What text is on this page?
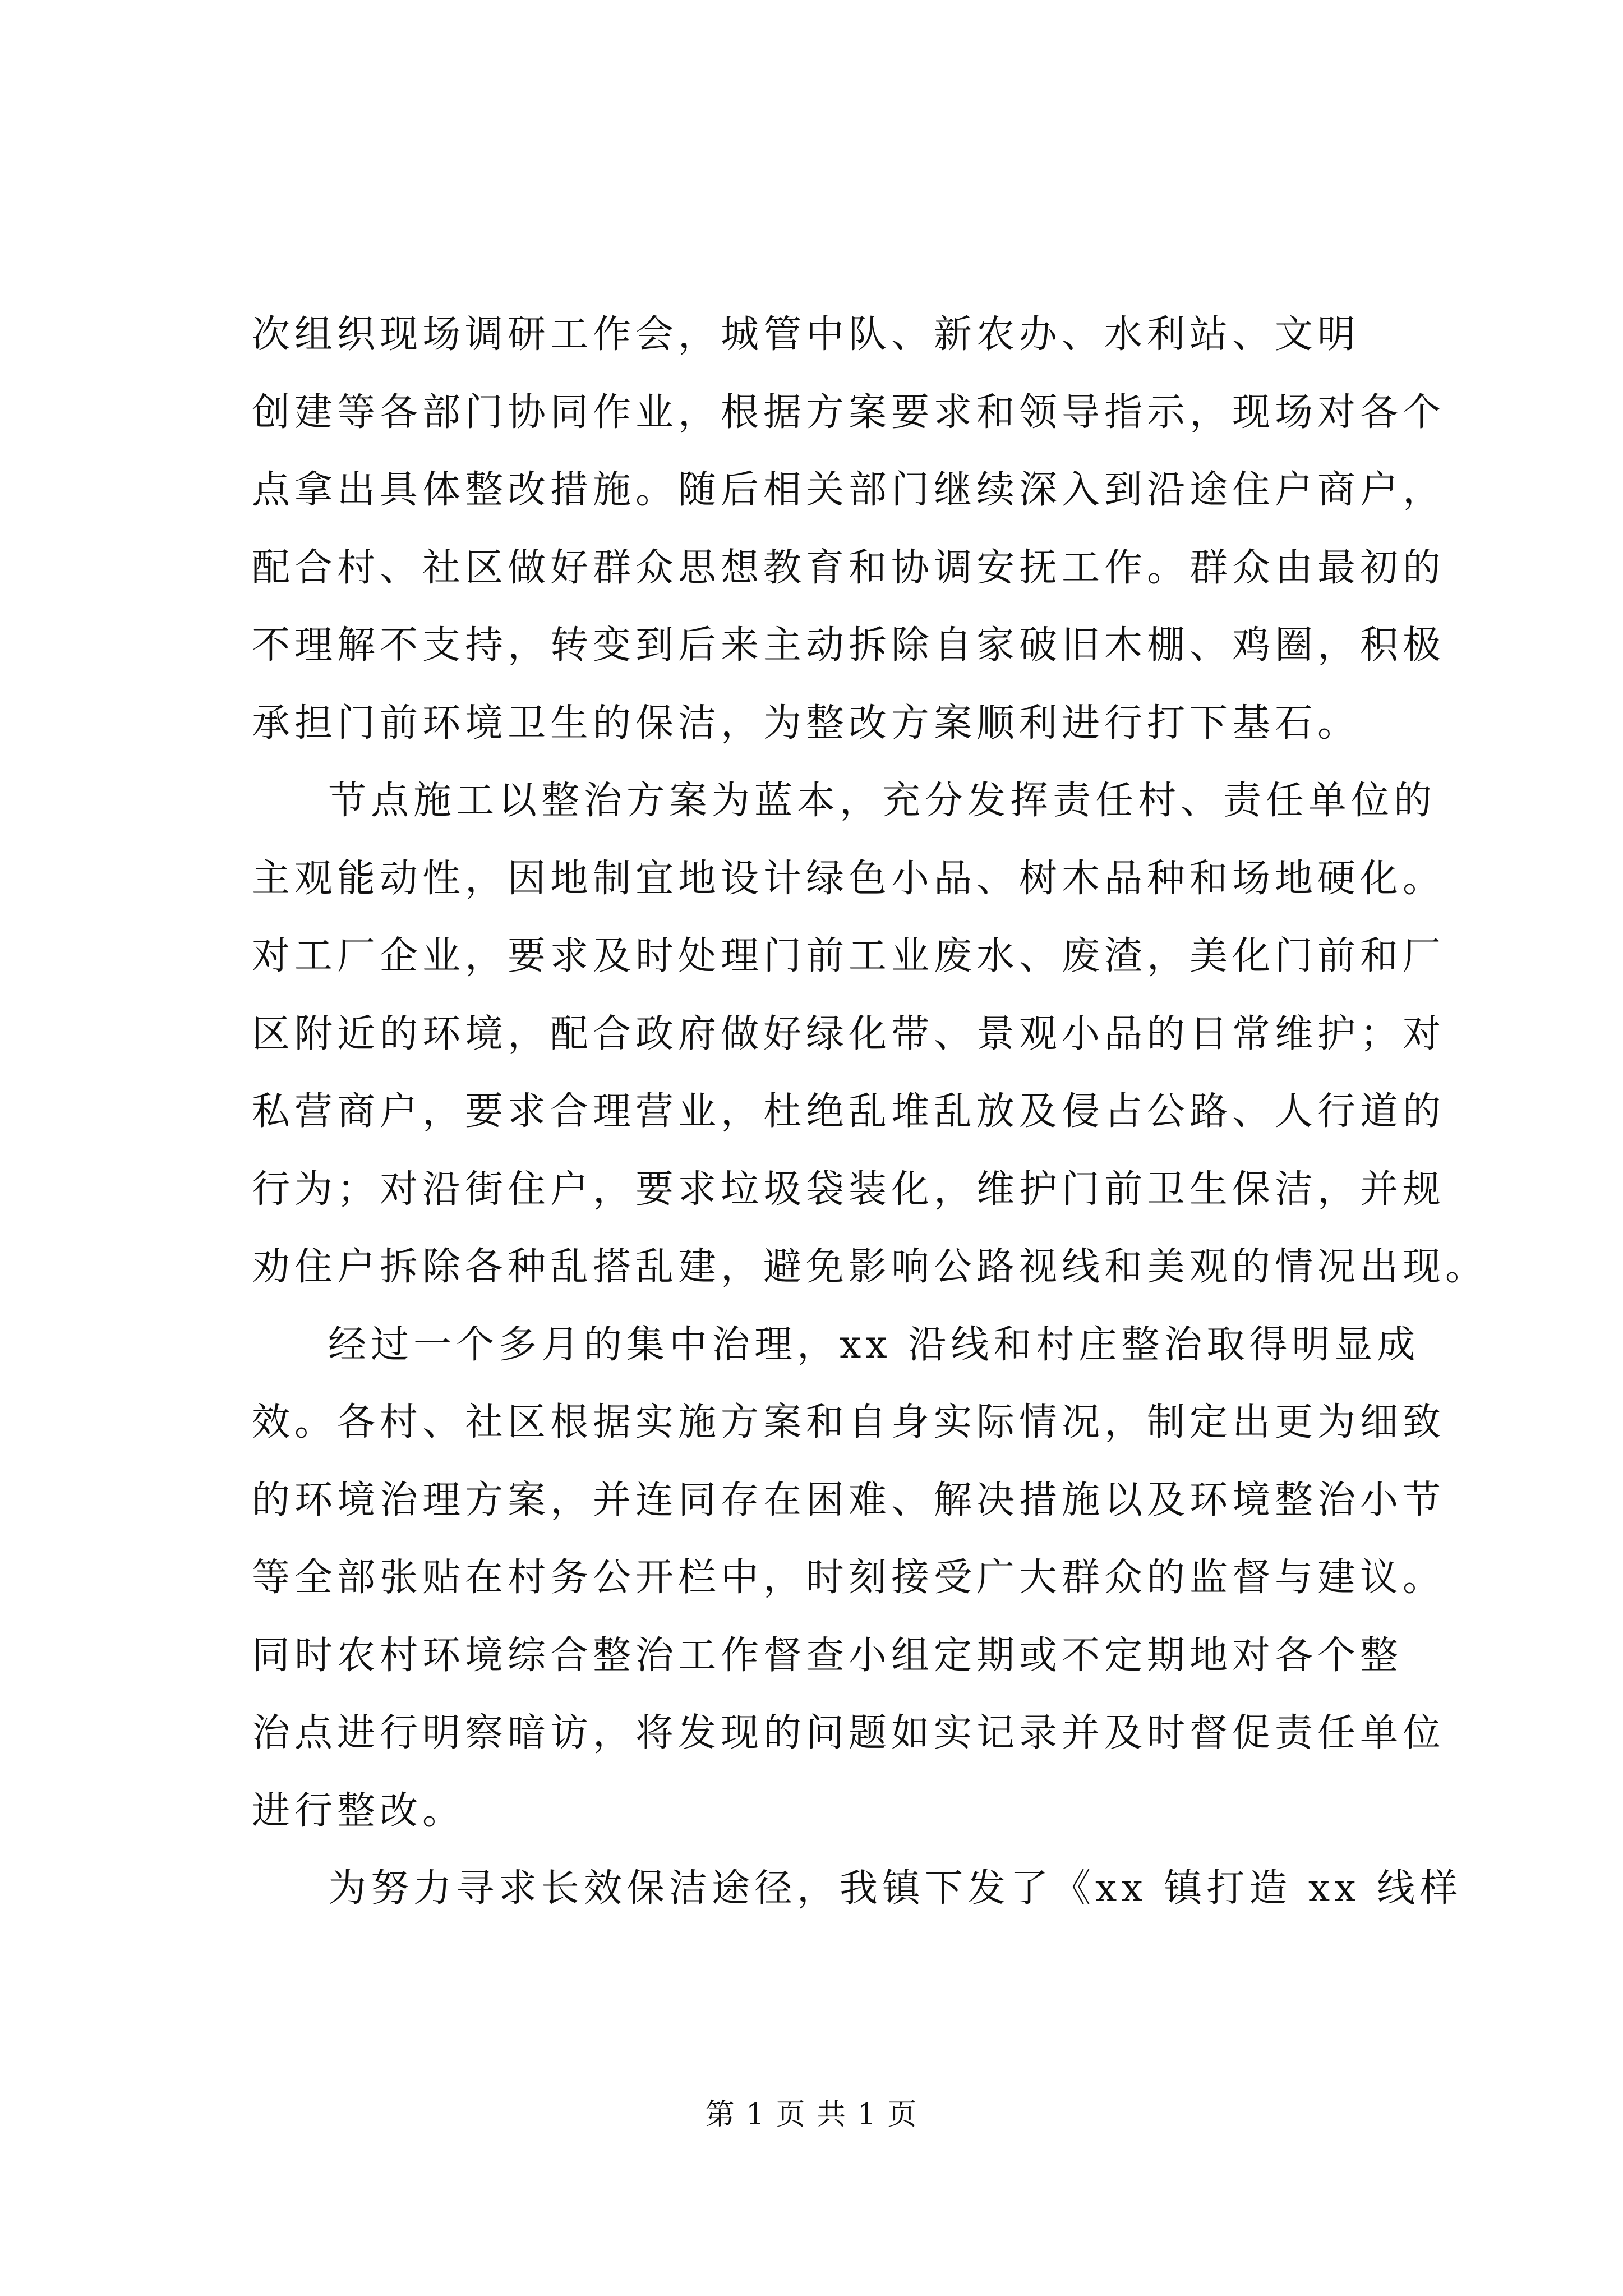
次组织现场调研工作会，城管中队、新农办、水利站、文明
创建等各部门协同作业，根据方案要求和领导指示，现场对各个
点拿出具体整改措施。随后相关部门继续深入到沿途住户商户，
配合村、社区做好群众思想教育和协调安抚工作。群众由最初的
不理解不支持，转变到后来主动拆除自家破旧木棚、鸡圈，积极
承担门前环境卫生的保洁，为整改方案顺利进行打下基石。
节点施工以整治方案为蓝本，充分发挥责任村、责任单位的
主观能动性，因地制宜地设计绿色小品、树木品种和场地硬化。
对工厂企业，要求及时处理门前工业废水、废渣，美化门前和厂
区附近的环境，配合政府做好绿化带、景观小品的日常维护；对
私营商户，要求合理营业，杜绝乱堆乱放及侵占公路、人行道的
行为；对沿街住户，要求垃圾袋装化，维护门前卫生保洁，并规
劝住户拆除各种乱搭乱建，避免影响公路视线和美观的情况出现。
经过一个多月的集中治理，xx 沿线和村庄整治取得明显成
效。各村、社区根据实施方案和自身实际情况，制定出更为细致
的环境治理方案，并连同存在困难、解决措施以及环境整治小节
等全部张贴在村务公开栏中，时刻接受广大群众的监督与建议。
同时农村环境综合整治工作督查小组定期或不定期地对各个整
治点进行明察暗访，将发现的问题如实记录并及时督促责任单位
进行整改。
为努力寻求长效保洁途径，我镇下发了《xx 镇打造 xx 线样
第 1 页 共 1 页
